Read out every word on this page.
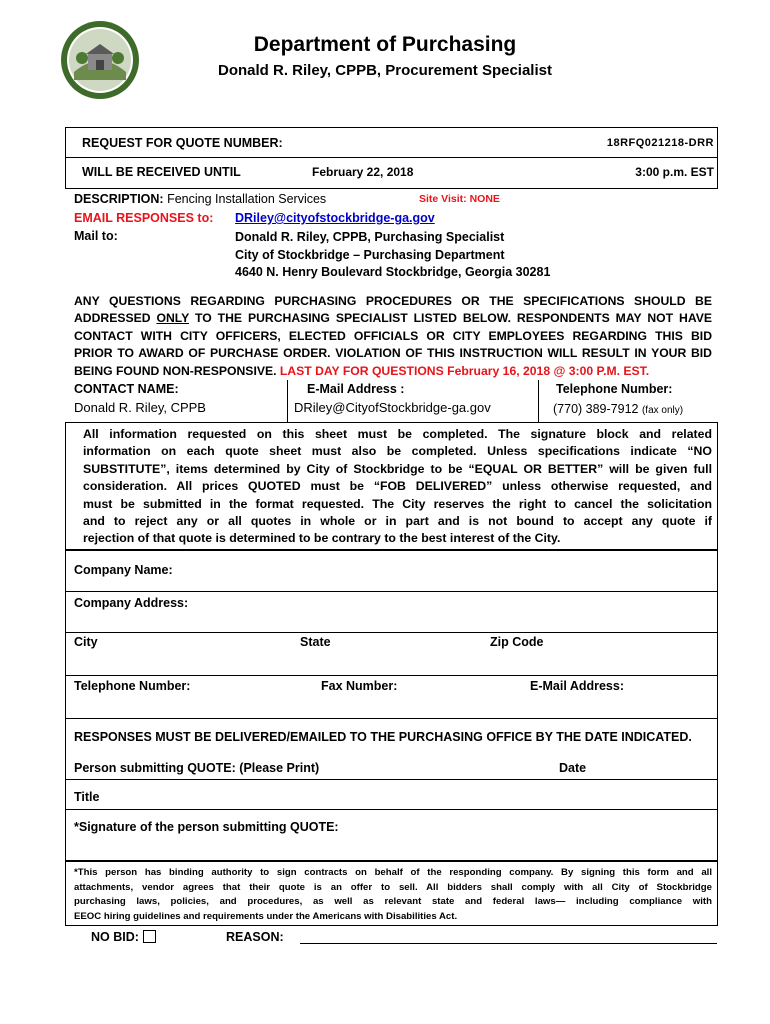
Department of Purchasing
Donald R. Riley, CPPB, Procurement Specialist
REQUEST FOR QUOTE NUMBER:	18RFQ021218-DRR
WILL BE RECEIVED UNTIL	February 22, 2018	3:00 p.m. EST
DESCRIPTION: Fencing Installation Services	Site Visit: NONE
EMAIL RESPONSES to: DRiley@cityofstockbridge-ga.gov
Mail to:	Donald R. Riley, CPPB, Purchasing Specialist
City of Stockbridge – Purchasing Department
4640 N. Henry Boulevard Stockbridge, Georgia 30281
ANY QUESTIONS REGARDING PURCHASING PROCEDURES OR THE SPECIFICATIONS SHOULD BE
ADDRESSED ONLY TO THE PURCHASING SPECIALIST LISTED BELOW. RESPONDENTS MAY NOT HAVE
CONTACT WITH CITY OFFICERS, ELECTED OFFICIALS OR CITY EMPLOYEES REGARDING THIS BID
PRIOR TO AWARD OF PURCHASE ORDER. VIOLATION OF THIS INSTRUCTION WILL RESULT IN YOUR BID
BEING FOUND NON-RESPONSIVE. LAST DAY FOR QUESTIONS February 16, 2018 @ 3:00 P.M. EST.
CONTACT NAME:
Donald R. Riley, CPPB
E-Mail Address :
DRiley@CityofStockbridge-ga.gov
Telephone Number:
(770) 389-7912 (fax only)
All information requested on this sheet must be completed. The signature block and related
information on each quote sheet must also be completed. Unless specifications indicate “NO
SUBSTITUTE”, items determined by City of Stockbridge to be “EQUAL OR BETTER” will be given full
consideration. All prices QUOTED must be “FOB DELIVERED” unless otherwise requested, and
must be submitted in the format requested. The City reserves the right to cancel the solicitation
and to reject any or all quotes in whole or in part and is not bound to accept any quote if
rejection of that quote is determined to be contrary to the best interest of the City.
Company Name:
Company Address:
City	State	Zip Code
Telephone Number:	Fax Number:	E-Mail Address:
RESPONSES MUST BE DELIVERED/EMAILED TO THE PURCHASING OFFICE BY THE DATE INDICATED.
Person submitting QUOTE: (Please Print)	Date
Title
*Signature of the person submitting QUOTE:
*This person has binding authority to sign contracts on behalf of the responding company. By signing this form and all
attachments, vendor agrees that their quote is an offer to sell. All bidders shall comply with all City of Stockbridge
purchasing laws, policies, and procedures, as well as relevant state and federal laws— including compliance with
EEOC hiring guidelines and requirements under the Americans with Disabilities Act.
NO BID:	REASON:
